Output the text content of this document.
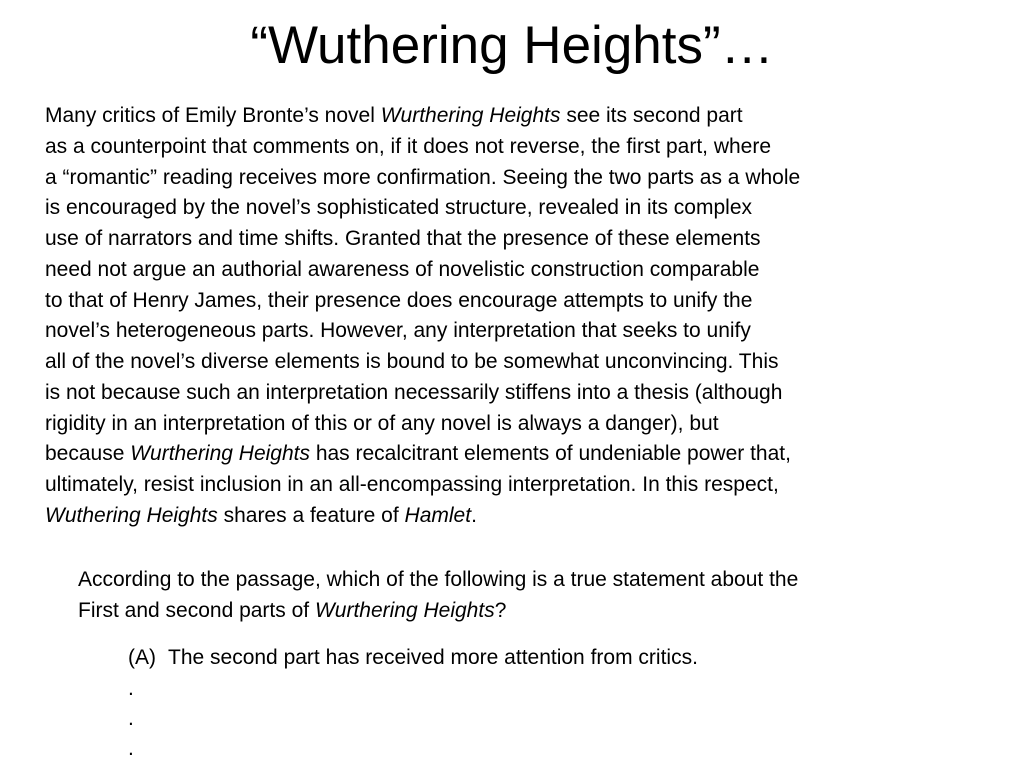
“Wuthering Heights”…
Many critics of Emily Bronte’s novel Wurthering Heights see its second part
as a counterpoint that comments on, if it does not reverse, the first part, where
a “romantic” reading receives more confirmation. Seeing the two parts as a whole
is encouraged by the novel’s sophisticated structure, revealed in its complex
use of narrators and time shifts. Granted that the presence of these elements
need not argue an authorial awareness of novelistic construction comparable
to that of Henry James, their presence does encourage attempts to unify the
novel’s heterogeneous parts. However, any interpretation that seeks to unify
all of the novel’s diverse elements is bound to be somewhat unconvincing. This
is not because such an interpretation necessarily stiffens into a thesis (although
rigidity in an interpretation of this or of any novel is always a danger), but
because Wurthering Heights has recalcitrant elements of undeniable power that,
ultimately, resist inclusion in an all-encompassing interpretation. In this respect,
Wuthering Heights shares a feature of Hamlet.
According to the passage, which of the following is a true statement about the
First and second parts of Wurthering Heights?
(A) The second part has received more attention from critics.
.
.
.
